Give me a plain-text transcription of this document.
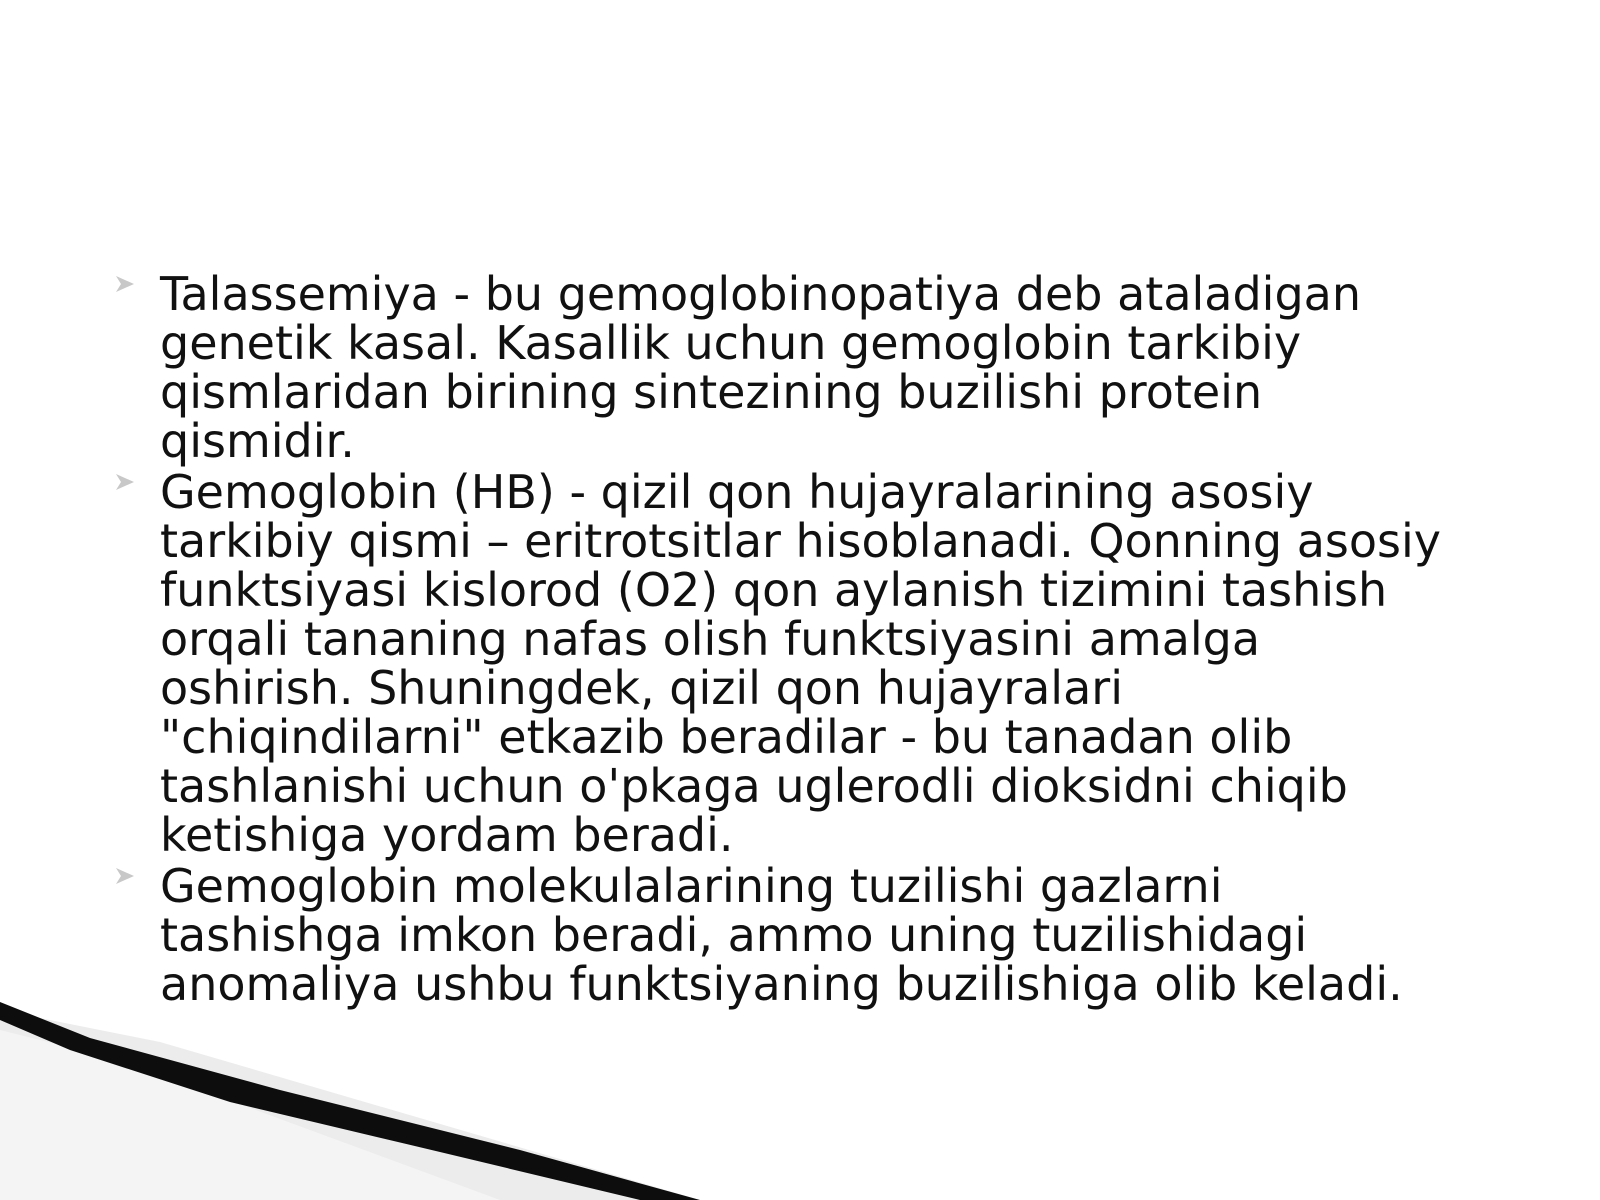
Talassemiya - bu gemoglobinopatiya deb ataladigan
genetik kasal. Kasallik uchun gemoglobin tarkibiy
qismlaridan birining sintezining buzilishi protein
qismidir.
Gemoglobin (HB) - qizil qon hujayralarining asosiy
tarkibiy qismi – eritrotsitlar hisoblanadi. Qonning asosiy
funktsiyasi kislorod (O2) qon aylanish tizimini tashish
orqali tananing nafas olish funktsiyasini amalga
oshirish. Shuningdek, qizil qon hujayralari
"chiqindilarni" etkazib beradilar - bu tanadan olib
tashlanishi uchun o'pkaga uglerodli dioksidni chiqib
ketishiga yordam beradi.
Gemoglobin molekulalarining tuzilishi gazlarni
tashishga imkon beradi, ammo uning tuzilishidagi
anomaliya ushbu funktsiyaning buzilishiga olib keladi.
